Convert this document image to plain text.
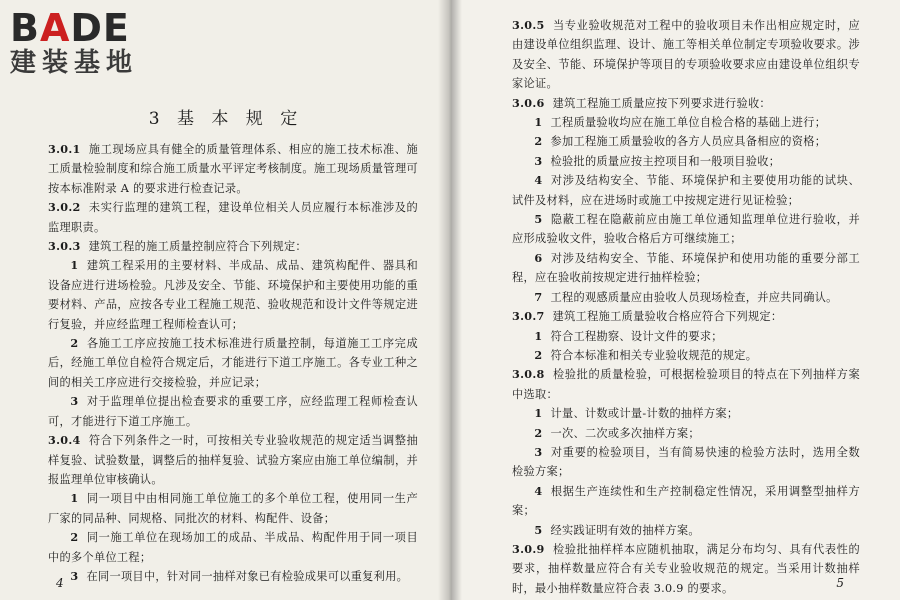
BADE
建装基地
3 基 本 规 定

3.0.1 施工现场应具有健全的质量管理体系、相应的施工技术标准、施工质量检验制度和综合施工质量水平评定考核制度。施工现场质量管理可按本标准附录 A 的要求进行检查记录。

3.0.2 未实行监理的建筑工程，建设单位相关人员应履行本标准涉及的监理职责。

3.0.3 建筑工程的施工质量控制应符合下列规定：

1 建筑工程采用的主要材料、半成品、成品、建筑构配件、器具和设备应进行进场检验。凡涉及安全、节能、环境保护和主要使用功能的重要材料、产品，应按各专业工程施工规范、验收规范和设计文件等规定进行复验，并应经监理工程师检查认可；

2 各施工工序应按施工技术标准进行质量控制，每道施工工序完成后，经施工单位自检符合规定后，才能进行下道工序施工。各专业工种之间的相关工序应进行交接检验，并应记录；

3 对于监理单位提出检查要求的重要工序，应经监理工程师检查认可，才能进行下道工序施工。

3.0.4 符合下列条件之一时，可按相关专业验收规范的规定适当调整抽样复验、试验数量，调整后的抽样复验、试验方案应由施工单位编制，并报监理单位审核确认。

1 同一项目中由相同施工单位施工的多个单位工程，使用同一生产厂家的同品种、同规格、同批次的材料、构配件、设备；

2 同一施工单位在现场加工的成品、半成品、构配件用于同一项目中的多个单位工程；

3 在同一项目中，针对同一抽样对象已有检验成果可以重复利用。

4

3.0.5 当专业验收规范对工程中的验收项目未作出相应规定时，应由建设单位组织监理、设计、施工等相关单位制定专项验收要求。涉及安全、节能、环境保护等项目的专项验收要求应由建设单位组织专家论证。

3.0.6 建筑工程施工质量应按下列要求进行验收：

1 工程质量验收均应在施工单位自检合格的基础上进行；

2 参加工程施工质量验收的各方人员应具备相应的资格；

3 检验批的质量应按主控项目和一般项目验收；

4 对涉及结构安全、节能、环境保护和主要使用功能的试块、试件及材料，应在进场时或施工中按规定进行见证检验；

5 隐蔽工程在隐蔽前应由施工单位通知监理单位进行验收，并应形成验收文件，验收合格后方可继续施工；

6 对涉及结构安全、节能、环境保护和使用功能的重要分部工程，应在验收前按规定进行抽样检验；

7 工程的观感质量应由验收人员现场检查，并应共同确认。

3.0.7 建筑工程施工质量验收合格应符合下列规定：

1 符合工程勘察、设计文件的要求；

2 符合本标准和相关专业验收规范的规定。

3.0.8 检验批的质量检验，可根据检验项目的特点在下列抽样方案中选取：

1 计量、计数或计量-计数的抽样方案；

2 一次、二次或多次抽样方案；

3 对重要的检验项目，当有简易快速的检验方法时，选用全数检验方案；

4 根据生产连续性和生产控制稳定性情况，采用调整型抽样方案；

5 经实践证明有效的抽样方案。

3.0.9 检验批抽样样本应随机抽取，满足分布均匀、具有代表性的要求，抽样数量应符合有关专业验收规范的规定。当采用计数抽样时，最小抽样数量应符合表 3.0.9 的要求。	5
